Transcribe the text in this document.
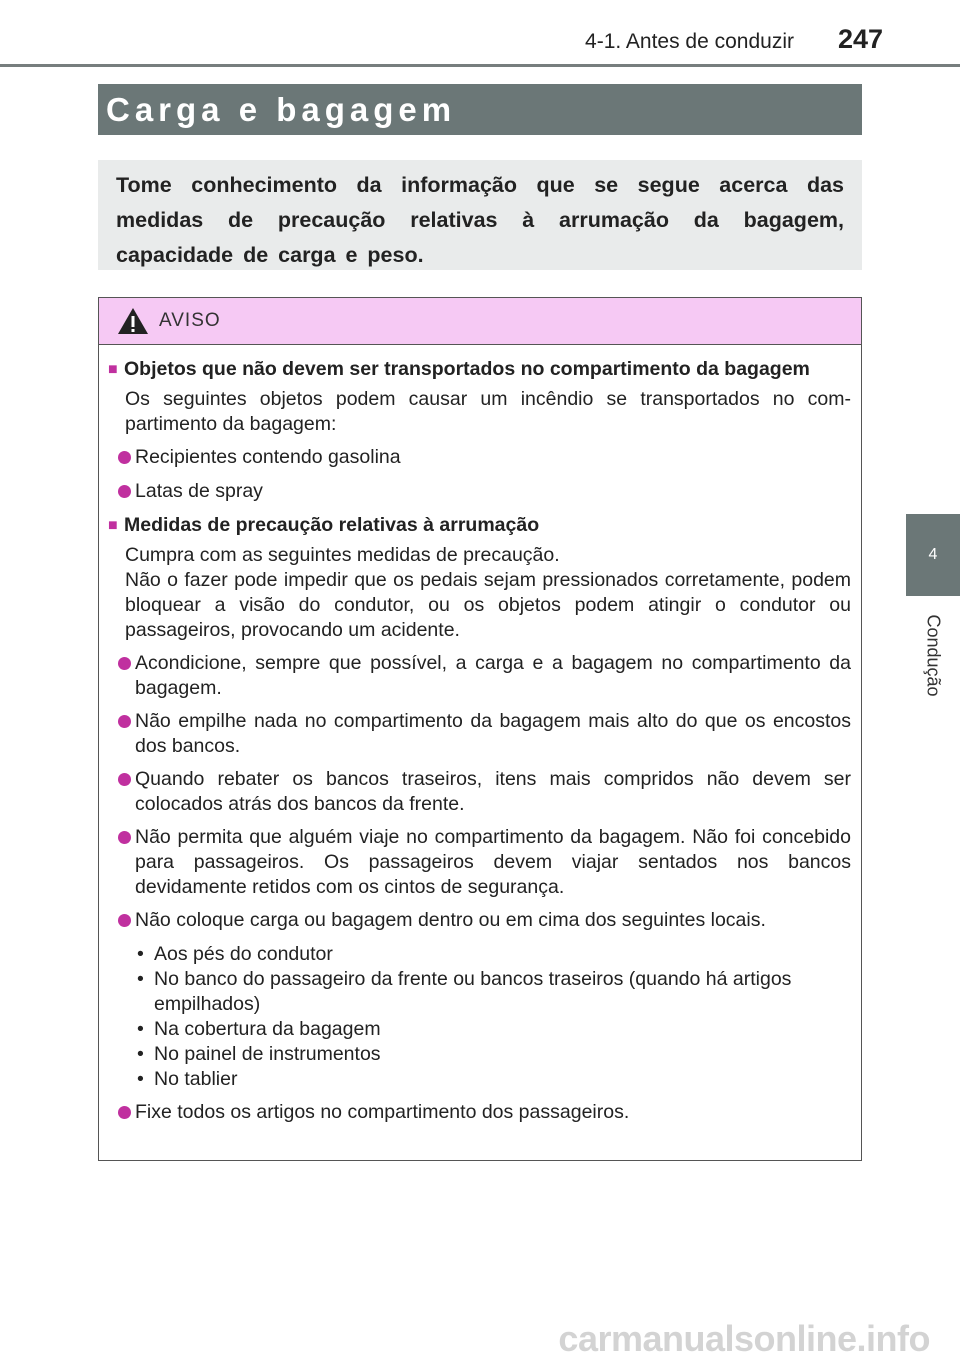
4-1. Antes de conduzir 247
4
Condução
Carga e bagagem
Tome conhecimento da informação que se segue acerca das medidas de precaução relativas à arrumação da bagagem, capacidade de carga e peso.
AVISO
■ Objetos que não devem ser transportados no compartimento da bagagem
Os seguintes objetos podem causar um incêndio se transportados no compartimento da bagagem:
Recipientes contendo gasolina
Latas de spray
■ Medidas de precaução relativas à arrumação
Cumpra com as seguintes medidas de precaução.
Não o fazer pode impedir que os pedais sejam pressionados corretamente, podem bloquear a visão do condutor, ou os objetos podem atingir o condutor ou passageiros, provocando um acidente.
Acondicione, sempre que possível, a carga e a bagagem no compartimento da bagagem.
Não empilhe nada no compartimento da bagagem mais alto do que os encostos dos bancos.
Quando rebater os bancos traseiros, itens mais compridos não devem ser colocados atrás dos bancos da frente.
Não permita que alguém viaje no compartimento da bagagem. Não foi concebido para passageiros. Os passageiros devem viajar sentados nos bancos devidamente retidos com os cintos de segurança.
Não coloque carga ou bagagem dentro ou em cima dos seguintes locais.
• Aos pés do condutor
• No banco do passageiro da frente ou bancos traseiros (quando há artigos empilhados)
• Na cobertura da bagagem
• No painel de instrumentos
• No tablier
Fixe todos os artigos no compartimento dos passageiros.
carmanualsonline.info
